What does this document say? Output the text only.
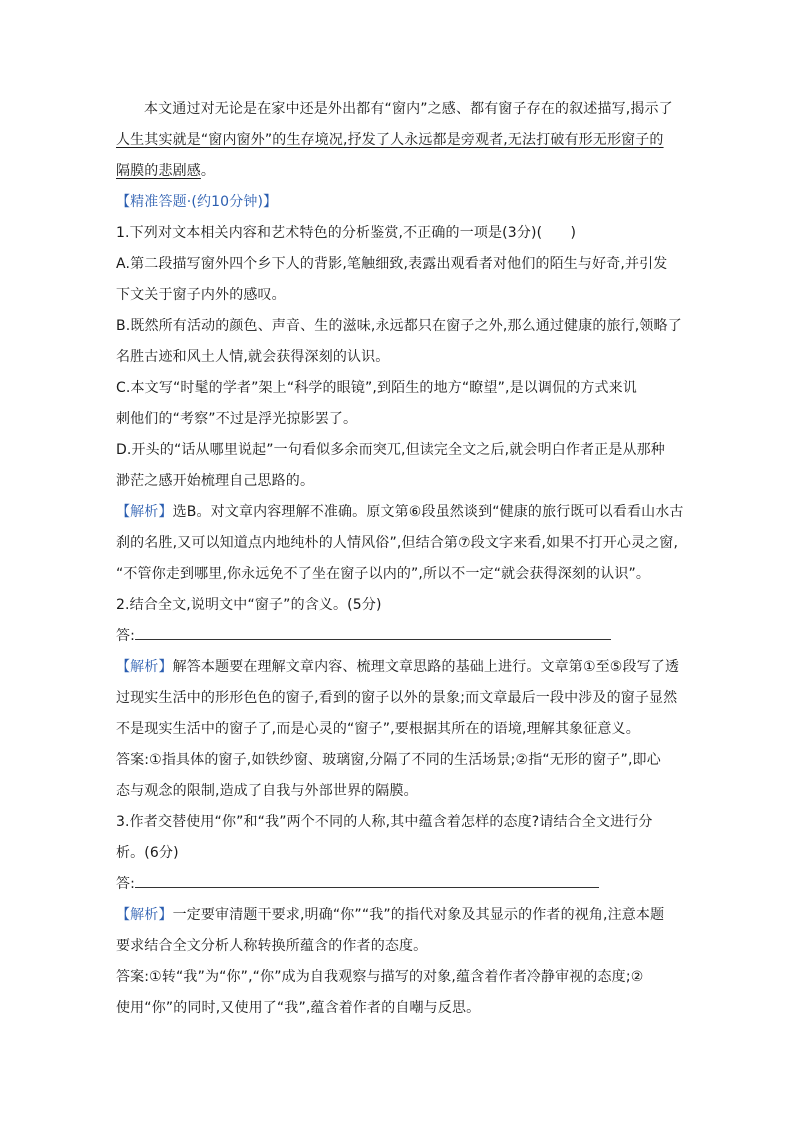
本文通过对无论是在家中还是外出都有“窗内”之感、都有窗子存在的叙述描写,揭示了
人生其实就是“窗内窗外”的生存境况,抒发了人永远都是旁观者,无法打破有形无形窗子的
隔膜的悲剧感。
【精准答题·(约10分钟)】
1.下列对文本相关内容和艺术特色的分析鉴赏,不正确的一项是(3分)(　　)
A.第二段描写窗外四个乡下人的背影,笔触细致,表露出观看者对他们的陌生与好奇,并引发
下文关于窗子内外的感叹。
B.既然所有活动的颜色、声音、生的滋味,永远都只在窗子之外,那么通过健康的旅行,领略了
名胜古迹和风土人情,就会获得深刻的认识。
C.本文写“时髦的学者”架上“科学的眼镜”,到陌生的地方“瞭望”,是以调侃的方式来讥
刺他们的“考察”不过是浮光掠影罢了。
D.开头的“话从哪里说起”一句看似多余而突兀,但读完全文之后,就会明白作者正是从那种
渺茫之感开始梳理自己思路的。
【解析】选B。对文章内容理解不准确。原文第⑥段虽然谈到“健康的旅行既可以看看山水古
刹的名胜,又可以知道点内地纯朴的人情风俗”,但结合第⑦段文字来看,如果不打开心灵之窗,
“不管你走到哪里,你永远免不了坐在窗子以内的”,所以不一定“就会获得深刻的认识”。
2.结合全文,说明文中“窗子”的含义。(5分)
答:
【解析】解答本题要在理解文章内容、梳理文章思路的基础上进行。文章第①至⑤段写了透
过现实生活中的形形色色的窗子,看到的窗子以外的景象;而文章最后一段中涉及的窗子显然
不是现实生活中的窗子了,而是心灵的“窗子”,要根据其所在的语境,理解其象征意义。
答案:①指具体的窗子,如铁纱窗、玻璃窗,分隔了不同的生活场景;②指“无形的窗子”,即心
态与观念的限制,造成了自我与外部世界的隔膜。
3.作者交替使用“你”和“我”两个不同的人称,其中蕴含着怎样的态度?请结合全文进行分
析。(6分)
答:
【解析】一定要审清题干要求,明确“你”“我”的指代对象及其显示的作者的视角,注意本题
要求结合全文分析人称转换所蕴含的作者的态度。
答案:①转“我”为“你”,“你”成为自我观察与描写的对象,蕴含着作者冷静审视的态度;②
使用“你”的同时,又使用了“我”,蕴含着作者的自嘲与反思。
